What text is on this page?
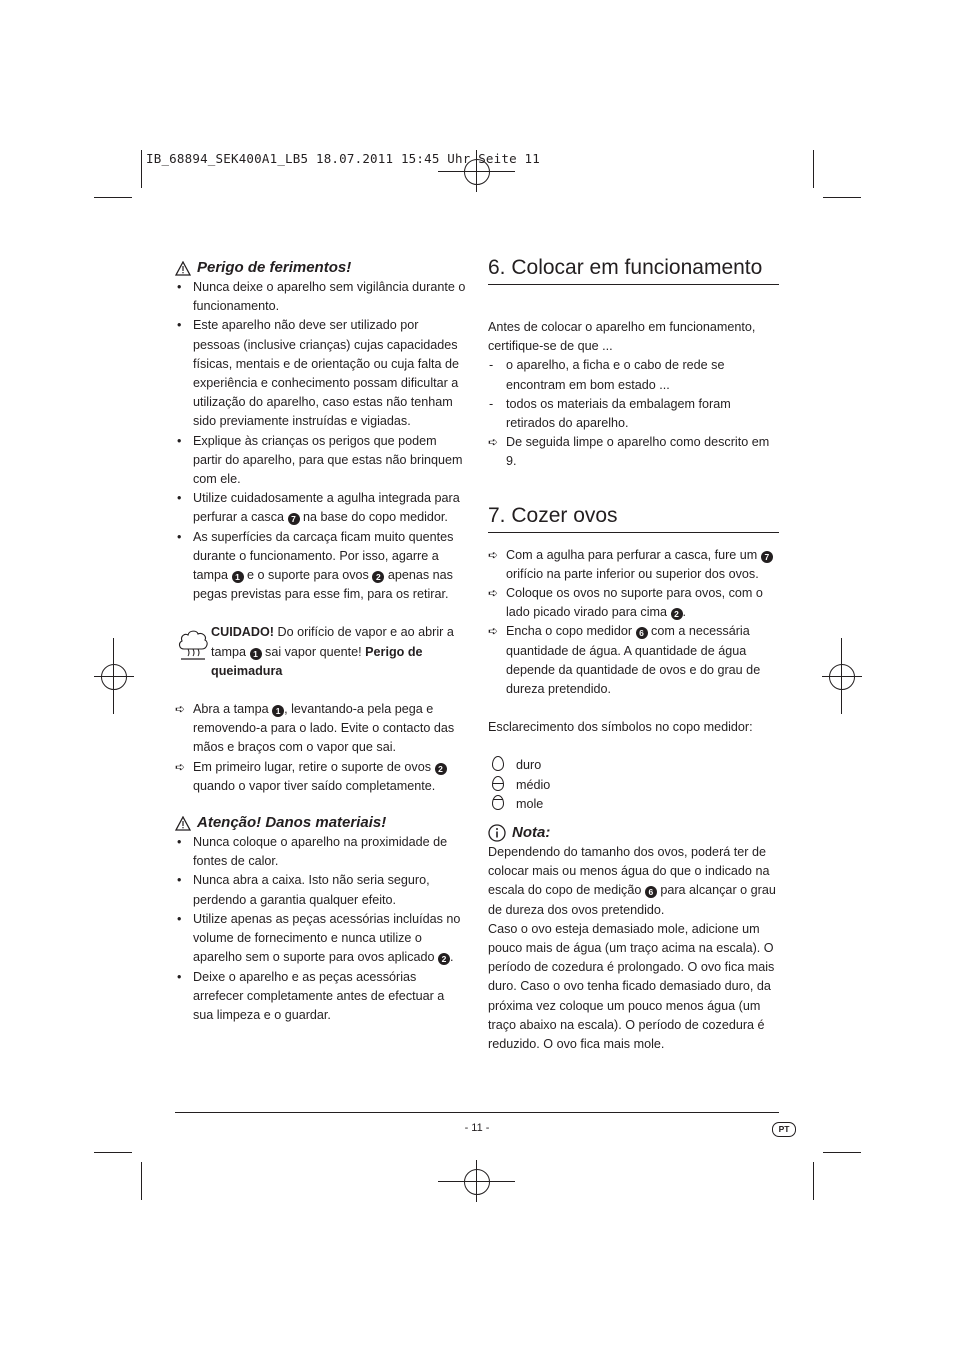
IB_68894_SEK400A1_LB5 18.07.2011 15:45 Uhr Seite 11
Perigo de ferimentos!
• Nunca deixe o aparelho sem vigilância durante o funcionamento.
• Este aparelho não deve ser utilizado por pessoas (inclusive crianças) cujas capacidades físicas, mentais e de orientação ou cuja falta de experiência e conhecimento possam dificultar a utilização do aparelho, caso estas não tenham sido previamente instruídas e vigiadas.
• Explique às crianças os perigos que podem partir do aparelho, para que estas não brinquem com ele.
• Utilize cuidadosamente a agulha integrada para perfurar a casca 7 na base do copo medidor.
• As superfícies da carcaça ficam muito quentes durante o funcionamento. Por isso, agarre a tampa 1 e o suporte para ovos 2 apenas nas pegas previstas para esse fim, para os retirar.

CUIDADO! Do orifício de vapor e ao abrir a tampa 1 sai vapor quente! Perigo de queimadura

➪ Abra a tampa 1 , levantando-a pela pega e removendo-a para o lado. Evite o contacto das mãos e braços com o vapor que sai.
➪ Em primeiro lugar, retire o suporte de ovos 2 quando o vapor tiver saído completamente.
Atenção! Danos materiais!
• Nunca coloque o aparelho na proximidade de fontes de calor.
• Nunca abra a caixa. Isto não seria seguro, perdendo a garantia qualquer efeito.
• Utilize apenas as peças acessórias incluídas no volume de fornecimento e nunca utilize o aparelho sem o suporte para ovos aplicado 2 .
• Deixe o aparelho e as peças acessórias arrefecer completamente antes de efectuar a sua limpeza e o guardar.
6. Colocar em funcionamento

Antes de colocar o aparelho em funcionamento, certifique-se de que ...

- o aparelho, a ficha e o cabo de rede se encontram em bom estado ...
- todos os materiais da embalagem foram retirados do aparelho.
➪ De seguida limpe o aparelho como descrito em 9.
7. Cozer ovos
➪ Com a agulha para perfurar a casca, fure um 7 orifício na parte inferior ou superior dos ovos.
➪ Coloque os ovos no suporte para ovos, com o lado picado virado para cima 2 .
➪ Encha o copo medidor 6 com a necessária quantidade de água. A quantidade de água depende da quantidade de ovos e do grau de dureza pretendido.

Esclarecimento dos símbolos no copo medidor:

duro
médio
mole
Nota:

Dependendo do tamanho dos ovos, poderá ter de colocar mais ou menos água do que o indicado na escala do copo de medição 6 para alcançar o grau de dureza dos ovos pretendido.

Caso o ovo esteja demasiado mole, adicione um pouco mais de água (um traço acima na escala). O período de cozedura é prolongado. O ovo fica mais duro. Caso o ovo tenha ficado demasiado duro, da próxima vez coloque um pouco menos água (um traço abaixo na escala). O período de cozedura é reduzido. O ovo fica mais mole.

- 11 -	PT
